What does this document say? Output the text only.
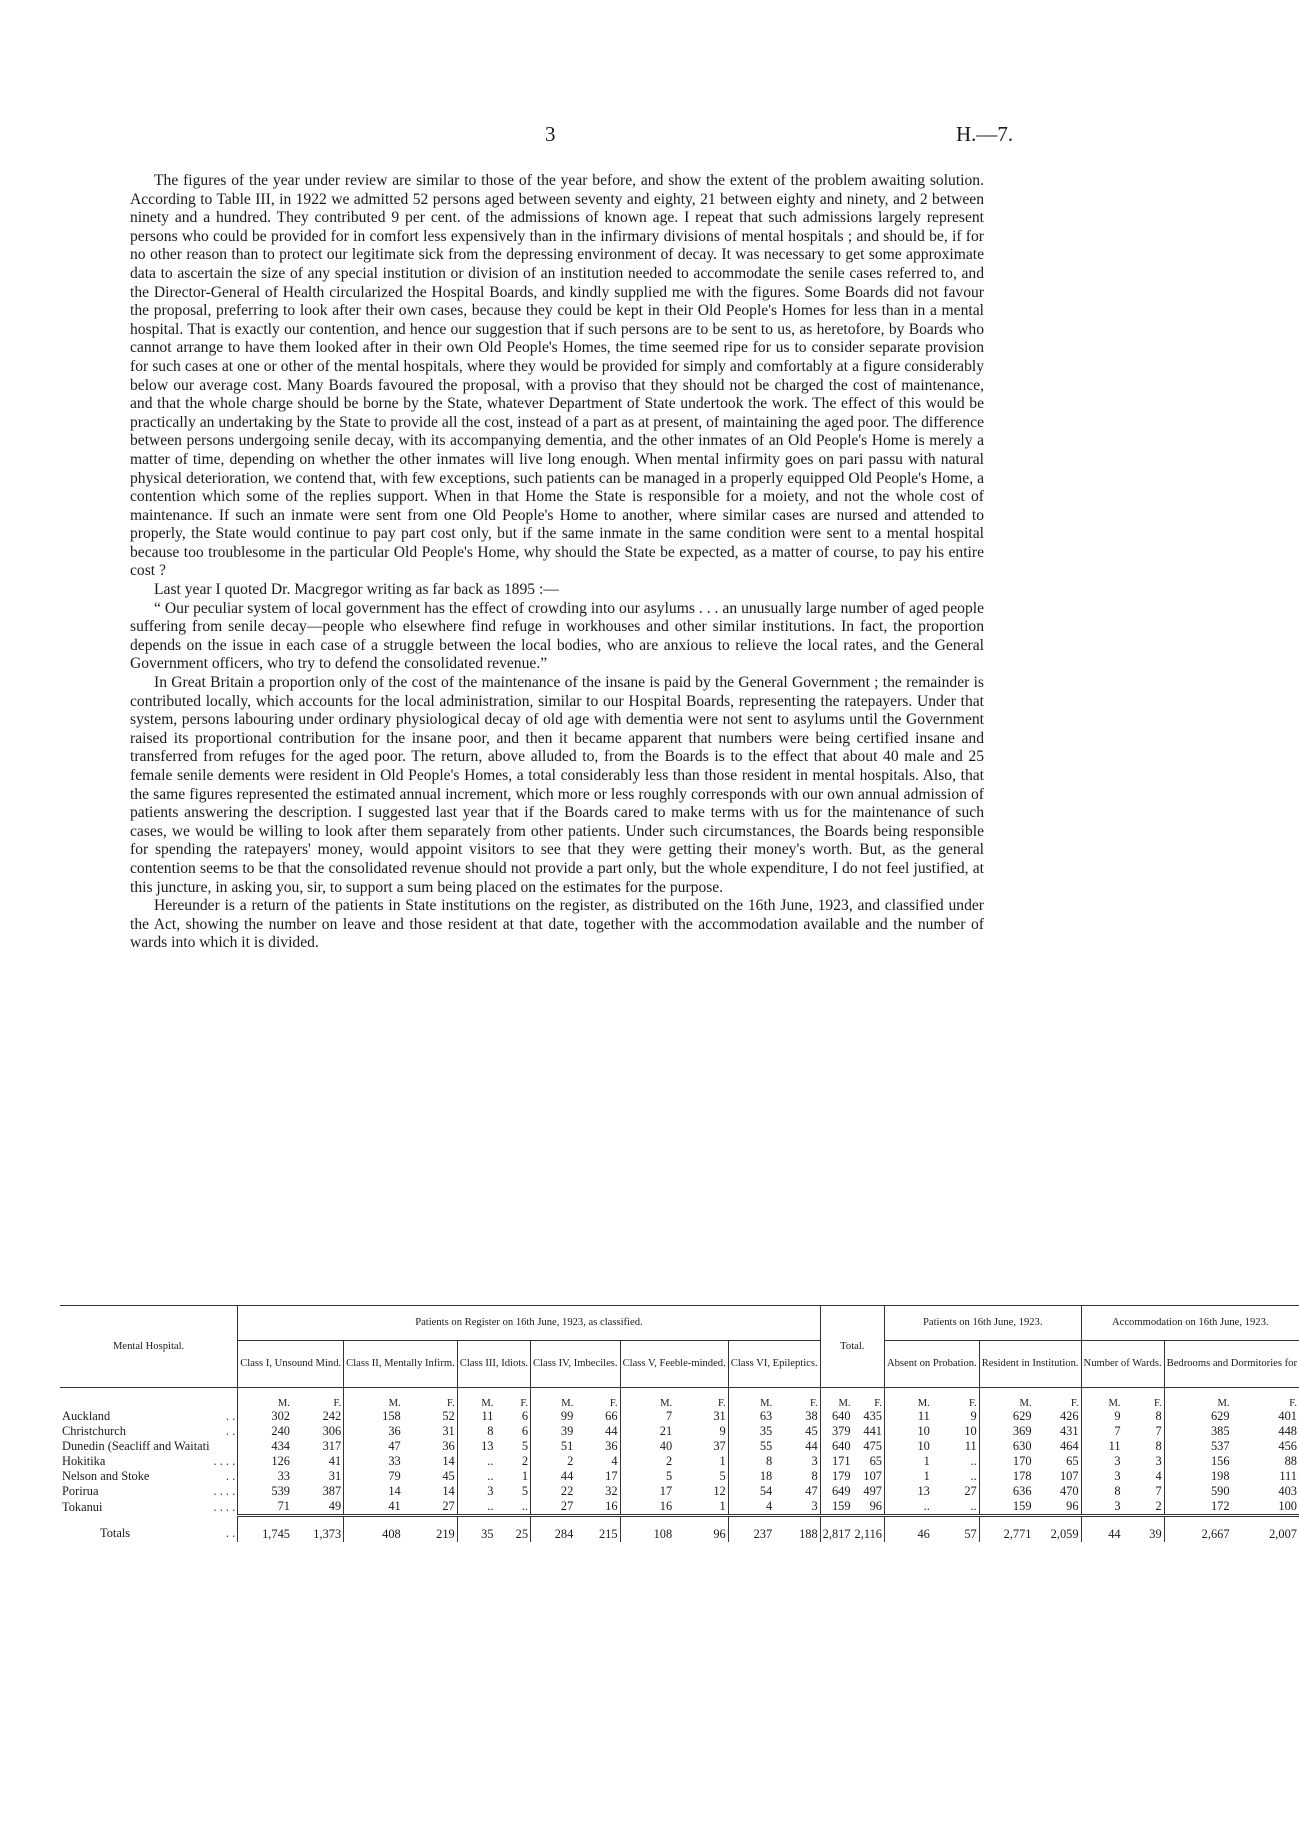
3	H.—7.

The figures of the year under review are similar to those of the year before, and show the extent of the problem awaiting solution. According to Table III, in 1922 we admitted 52 persons aged between seventy and eighty, 21 between eighty and ninety, and 2 between ninety and a hundred. They contributed 9 per cent. of the admissions of known age. I repeat that such admissions largely represent persons who could be provided for in comfort less expensively than in the infirmary divisions of mental hospitals ; and should be, if for no other reason than to protect our legitimate sick from the depressing environment of decay. It was necessary to get some approximate data to ascertain the size of any special institution or division of an institution needed to accommodate the senile cases referred to, and the Director-General of Health circularized the Hospital Boards, and kindly supplied me with the figures. Some Boards did not favour the proposal, preferring to look after their own cases, because they could be kept in their Old People's Homes for less than in a mental hospital. That is exactly our contention, and hence our suggestion that if such persons are to be sent to us, as heretofore, by Boards who cannot arrange to have them looked after in their own Old People's Homes, the time seemed ripe for us to consider separate provision for such cases at one or other of the mental hospitals, where they would be provided for simply and comfortably at a figure considerably below our average cost. Many Boards favoured the proposal, with a proviso that they should not be charged the cost of maintenance, and that the whole charge should be borne by the State, whatever Department of State undertook the work. The effect of this would be practically an undertaking by the State to provide all the cost, instead of a part as at present, of maintaining the aged poor. The difference between persons undergoing senile decay, with its accompanying dementia, and the other inmates of an Old People's Home is merely a matter of time, depending on whether the other inmates will live long enough. When mental infirmity goes on pari passu with natural physical deterioration, we contend that, with few exceptions, such patients can be managed in a properly equipped Old People's Home, a contention which some of the replies support. When in that Home the State is responsible for a moiety, and not the whole cost of maintenance. If such an inmate were sent from one Old People's Home to another, where similar cases are nursed and attended to properly, the State would continue to pay part cost only, but if the same inmate in the same condition were sent to a mental hospital because too troublesome in the particular Old People's Home, why should the State be expected, as a matter of course, to pay his entire cost ?

Last year I quoted Dr. Macgregor writing as far back as 1895 :—

“ Our peculiar system of local government has the effect of crowding into our asylums . . . an unusually large number of aged people suffering from senile decay—people who elsewhere find refuge in workhouses and other similar institutions. In fact, the proportion depends on the issue in each case of a struggle between the local bodies, who are anxious to relieve the local rates, and the General Government officers, who try to defend the consolidated revenue.”

In Great Britain a proportion only of the cost of the maintenance of the insane is paid by the General Government ; the remainder is contributed locally, which accounts for the local administration, similar to our Hospital Boards, representing the ratepayers. Under that system, persons labouring under ordinary physiological decay of old age with dementia were not sent to asylums until the Government raised its proportional contribution for the insane poor, and then it became apparent that numbers were being certified insane and transferred from refuges for the aged poor. The return, above alluded to, from the Boards is to the effect that about 40 male and 25 female senile dements were resident in Old People's Homes, a total considerably less than those resident in mental hospitals. Also, that the same figures represented the estimated annual increment, which more or less roughly corresponds with our own annual admission of patients answering the description. I suggested last year that if the Boards cared to make terms with us for the maintenance of such cases, we would be willing to look after them separately from other patients. Under such circumstances, the Boards being responsible for spending the ratepayers' money, would appoint visitors to see that they were getting their money's worth. But, as the general contention seems to be that the consolidated revenue should not provide a part only, but the whole expenditure, I do not feel justified, at this juncture, in asking you, sir, to support a sum being placed on the estimates for the purpose.

Hereunder is a return of the patients in State institutions on the register, as distributed on the 16th June, 1923, and classified under the Act, showing the number on leave and those resident at that date, together with the accommodation available and the number of wards into which it is divided.

Mental Hospital.		Patients on Register on 16th June, 1923, as classified.												Total.		Patients on 16th June, 1923.				Accommodation on 16th June, 1923.			
		Class I, Unsound Mind.		Class II, Mentally Infirm.		Class III, Idiots.		Class IV, Imbeciles.		Class V, Feeble-minded.		Class VI, Epileptics.				Absent on Probation.		Resident in Institution.		Number of Wards.		Bedrooms and Dormitories for	
		M.	F.	M.	F.	M.	F.	M.	F.	M.	F.	M.	F.	M.	F.	M.	F.	M.	F.	M.	F.	M.	F.
Auckland	. .	302	242	158	52	11	6	99	66	7	31	63	38	640	435	11	9	629	426	9	8	629	401
Christchurch	. .	240	306	36	31	8	6	39	44	21	9	35	45	379	441	10	10	369	431	7	7	385	448
Dunedin (Seacliff and Waitati		434	317	47	36	13	5	51	36	40	37	55	44	640	475	10	11	630	464	11	8	537	456
Hokitika	. . . .	126	41	33	14	..	2	2	4	2	1	8	3	171	65	1	..	170	65	3	3	156	88
Nelson and Stoke	. .	33	31	79	45	..	1	44	17	5	5	18	8	179	107	1	..	178	107	3	4	198	111
Porirua	. . . .	539	387	14	14	3	5	22	32	17	12	54	47	649	497	13	27	636	470	8	7	590	403
Tokanui	. . . .	71	49	41	27	..	..	27	16	16	1	4	3	159	96	..	..	159	96	3	2	172	100
Totals	. .	1,745	1,373	408	219	35	25	284	215	108	96	237	188	2,817	2,116	46	57	2,771	2,059	44	39	2,667	2,007
